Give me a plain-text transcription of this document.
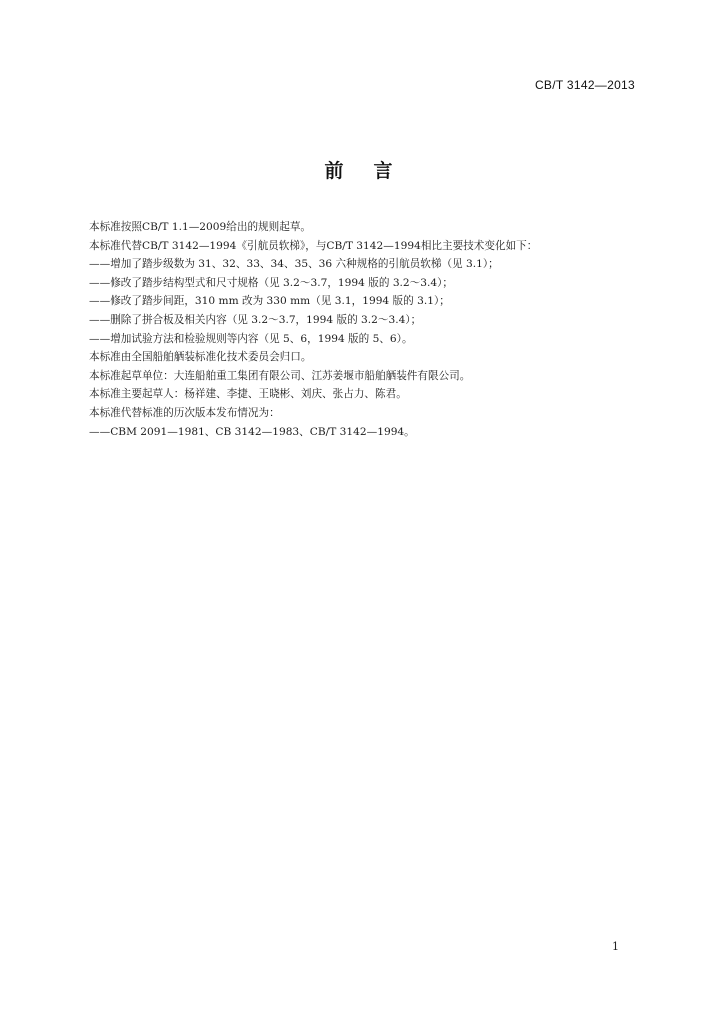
CB/T 3142—2013
前言
本标准按照CB/T 1.1—2009给出的规则起草。
本标准代替CB/T 3142—1994《引航员软梯》，与CB/T 3142—1994相比主要技术变化如下：
——增加了踏步级数为 31、32、33、34、35、36 六种规格的引航员软梯（见 3.1）；
——修改了踏步结构型式和尺寸规格（见 3.2～3.7，1994 版的 3.2～3.4）；
——修改了踏步间距，310 mm 改为 330 mm（见 3.1，1994 版的 3.1）；
——删除了拼合板及相关内容（见 3.2～3.7，1994 版的 3.2～3.4）；
——增加试验方法和检验规则等内容（见 5、6，1994 版的 5、6）。
本标准由全国船舶舾装标准化技术委员会归口。
本标准起草单位：大连船舶重工集团有限公司、江苏姜堰市船舶舾装件有限公司。
本标准主要起草人：杨祥建、李捷、王晓彬、刘庆、张占力、陈君。
本标准代替标准的历次版本发布情况为：
——CBM 2091—1981、CB 3142—1983、CB/T 3142—1994。
1
